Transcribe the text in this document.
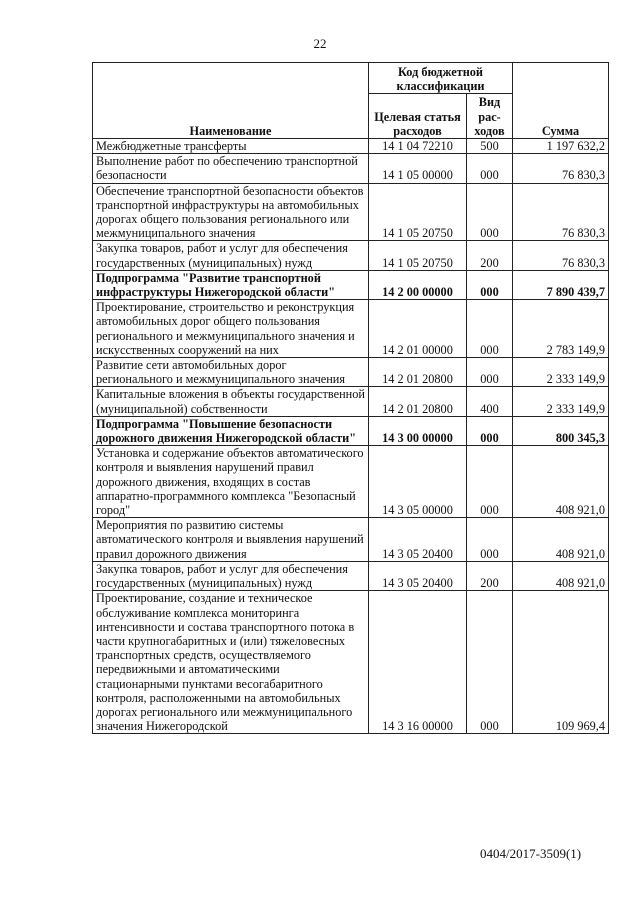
22
Наименование	Код бюджетной классификации		Сумма
	Целевая статья расходов	Вид рас-ходов	
Межбюджетные трансферты	14 1 04 72210	500	1 197 632,2
Выполнение работ по обеспечению транспортной безопасности	14 1 05 00000	000	76 830,3
Обеспечение транспортной безопасности объектов транспортной инфраструктуры на автомобильных дорогах общего пользования регионального или межмуниципального значения	14 1 05 20750	000	76 830,3
Закупка товаров, работ и услуг для обеспечения государственных (муниципальных) нужд	14 1 05 20750	200	76 830,3
Подпрограмма "Развитие транспортной инфраструктуры Нижегородской области"	14 2 00 00000	000	7 890 439,7
Проектирование, строительство и реконструкция автомобильных дорог общего пользования регионального и межмуниципального значения и искусственных сооружений на них	14 2 01 00000	000	2 783 149,9
Развитие сети автомобильных дорог регионального и межмуниципального значения	14 2 01 20800	000	2 333 149,9
Капитальные вложения в объекты государственной (муниципальной) собственности	14 2 01 20800	400	2 333 149,9
Подпрограмма "Повышение безопасности дорожного движения Нижегородской области"	14 3 00 00000	000	800 345,3
Установка и содержание объектов автоматического контроля и выявления нарушений правил дорожного движения, входящих в состав аппаратно-программного комплекса "Безопасный город"	14 3 05 00000	000	408 921,0
Мероприятия по развитию системы автоматического контроля и выявления нарушений правил дорожного движения	14 3 05 20400	000	408 921,0
Закупка товаров, работ и услуг для обеспечения государственных (муниципальных) нужд	14 3 05 20400	200	408 921,0
Проектирование, создание и техническое обслуживание комплекса мониторинга интенсивности и состава транспортного потока в части крупногабаритных и (или) тяжеловесных транспортных средств, осуществляемого передвижными и автоматическими стационарными пунктами весогабаритного контроля, расположенными на автомобильных дорогах регионального или межмуниципального значения Нижегородской	14 3 16 00000	000	109 969,4
0404/2017-3509(1)
